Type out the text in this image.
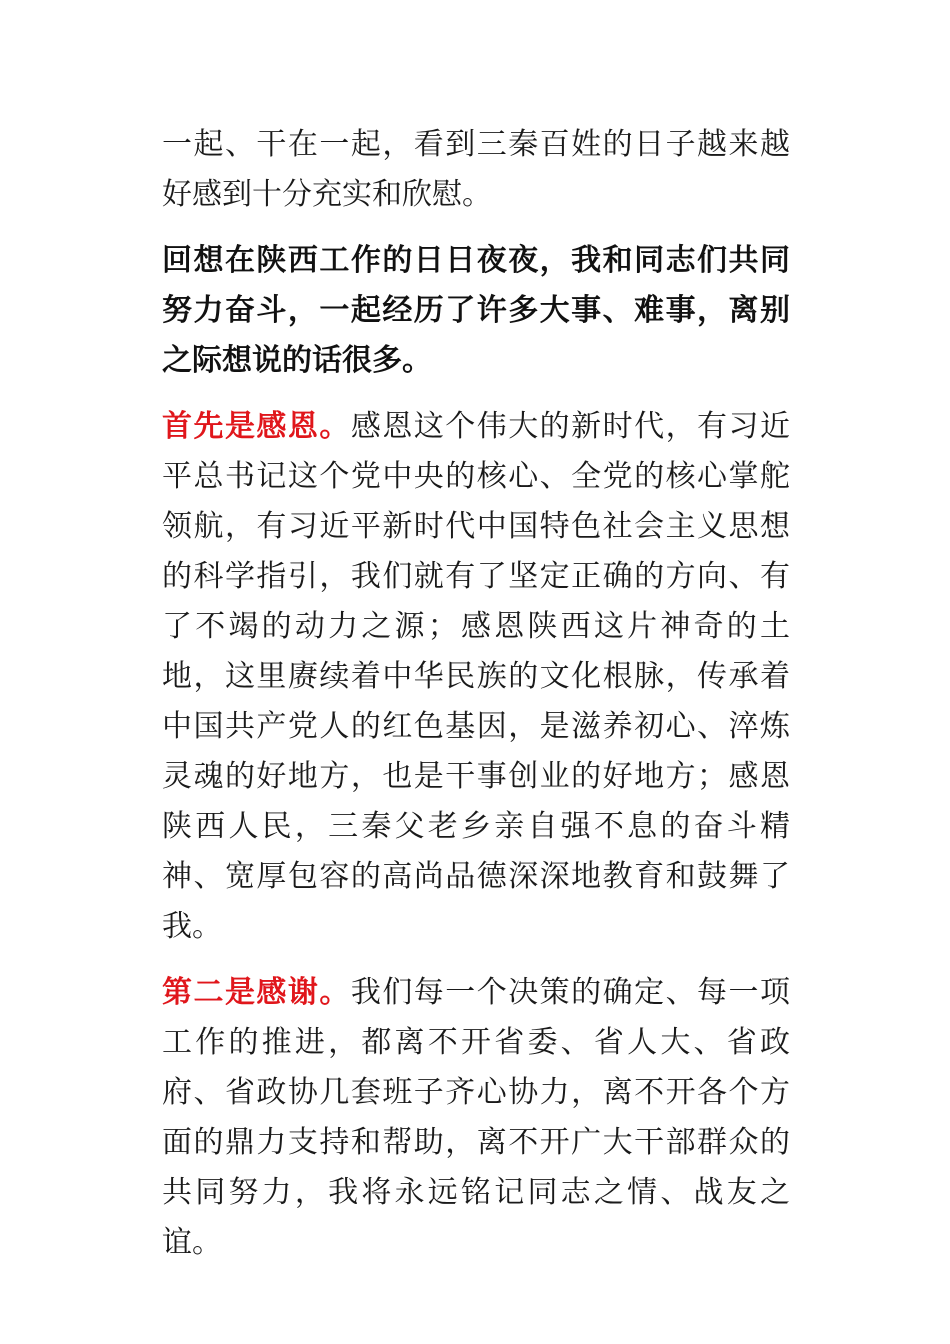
一起、干在一起，看到三秦百姓的日子越来越好感到十分充实和欣慰。

回想在陕西工作的日日夜夜，我和同志们共同努力奋斗，一起经历了许多大事、难事，离别之际想说的话很多。

首先是感恩。感恩这个伟大的新时代，有习近平总书记这个党中央的核心、全党的核心掌舵领航，有习近平新时代中国特色社会主义思想的科学指引，我们就有了坚定正确的方向、有了不竭的动力之源；感恩陕西这片神奇的土地，这里赓续着中华民族的文化根脉，传承着中国共产党人的红色基因，是滋养初心、淬炼灵魂的好地方，也是干事创业的好地方；感恩陕西人民，三秦父老乡亲自强不息的奋斗精神、宽厚包容的高尚品德深深地教育和鼓舞了我。

第二是感谢。我们每一个决策的确定、每一项工作的推进，都离不开省委、省人大、省政府、省政协几套班子齐心协力，离不开各个方面的鼎力支持和帮助，离不开广大干部群众的共同努力，我将永远铭记同志之情、战友之谊。
